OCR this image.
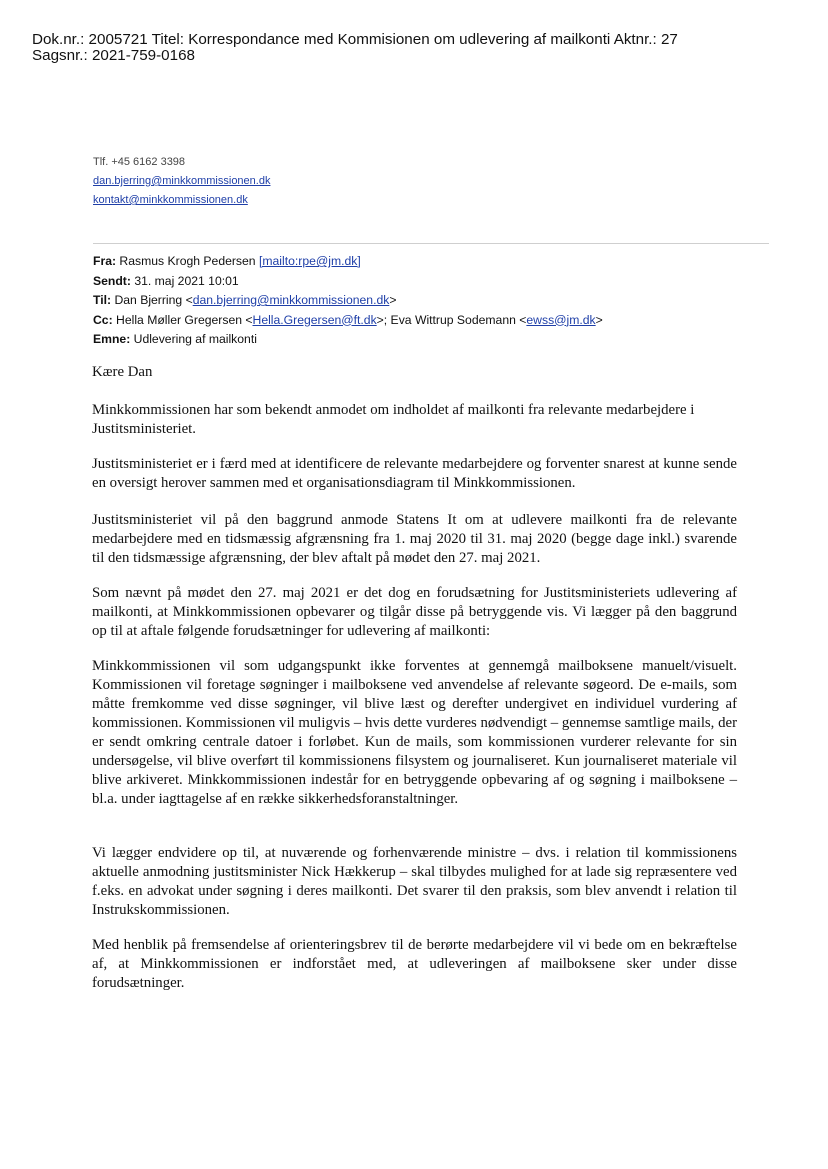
Dok.nr.: 2005721 Titel: Korrespondance med Kommisionen om udlevering af mailkonti Aktnr.: 27 Sagsnr.: 2021-759-0168
Tlf. +45 6162 3398
dan.bjerring@minkkommissionen.dk
kontakt@minkkommissionen.dk
Fra: Rasmus Krogh Pedersen [mailto:rpe@jm.dk]
Sendt: 31. maj 2021 10:01
Til: Dan Bjerring <dan.bjerring@minkkommissionen.dk>
Cc: Hella Møller Gregersen <Hella.Gregersen@ft.dk>; Eva Wittrup Sodemann <ewss@jm.dk>
Emne: Udlevering af mailkonti
Kære Dan
Minkkommissionen har som bekendt anmodet om indholdet af mailkonti fra relevante medarbejdere i Justitsministeriet.
Justitsministeriet er i færd med at identificere de relevante medarbejdere og forventer snarest at kunne sende en oversigt herover sammen med et organisationsdiagram til Minkkommissionen.
Justitsministeriet vil på den baggrund anmode Statens It om at udlevere mailkonti fra de relevante medarbejdere med en tidsmæssig afgrænsning fra 1. maj 2020 til 31. maj 2020 (begge dage inkl.) svarende til den tidsmæssige afgrænsning, der blev aftalt på mødet den 27. maj 2021.
Som nævnt på mødet den 27. maj 2021 er det dog en forudsætning for Justitsministeriets udlevering af mailkonti, at Minkkommissionen opbevarer og tilgår disse på betryggende vis. Vi lægger på den baggrund op til at aftale følgende forudsætninger for udlevering af mailkonti:
Minkkommissionen vil som udgangspunkt ikke forventes at gennemgå mailboksene manuelt/visuelt. Kommissionen vil foretage søgninger i mailboksene ved anvendelse af relevante søgeord. De e-mails, som måtte fremkomme ved disse søgninger, vil blive læst og derefter undergivet en individuel vurdering af kommissionen. Kommissionen vil muligvis – hvis dette vurderes nødvendigt – gennemse samtlige mails, der er sendt omkring centrale datoer i forløbet. Kun de mails, som kommissionen vurderer relevante for sin undersøgelse, vil blive overført til kommissionens filsystem og journaliseret. Kun journaliseret materiale vil blive arkiveret. Minkkommissionen indestår for en betryggende opbevaring af og søgning i mailboksene – bl.a. under iagttagelse af en række sikkerhedsforanstaltninger.
Vi lægger endvidere op til, at nuværende og forhenværende ministre – dvs. i relation til kommissionens aktuelle anmodning justitsminister Nick Hækkerup – skal tilbydes mulighed for at lade sig repræsentere ved f.eks. en advokat under søgning i deres mailkonti. Det svarer til den praksis, som blev anvendt i relation til Instrukskommissionen.
Med henblik på fremsendelse af orienteringsbrev til de berørte medarbejdere vil vi bede om en bekræftelse af, at Minkkommissionen er indforstået med, at udleveringen af mailboksene sker under disse forudsætninger.
